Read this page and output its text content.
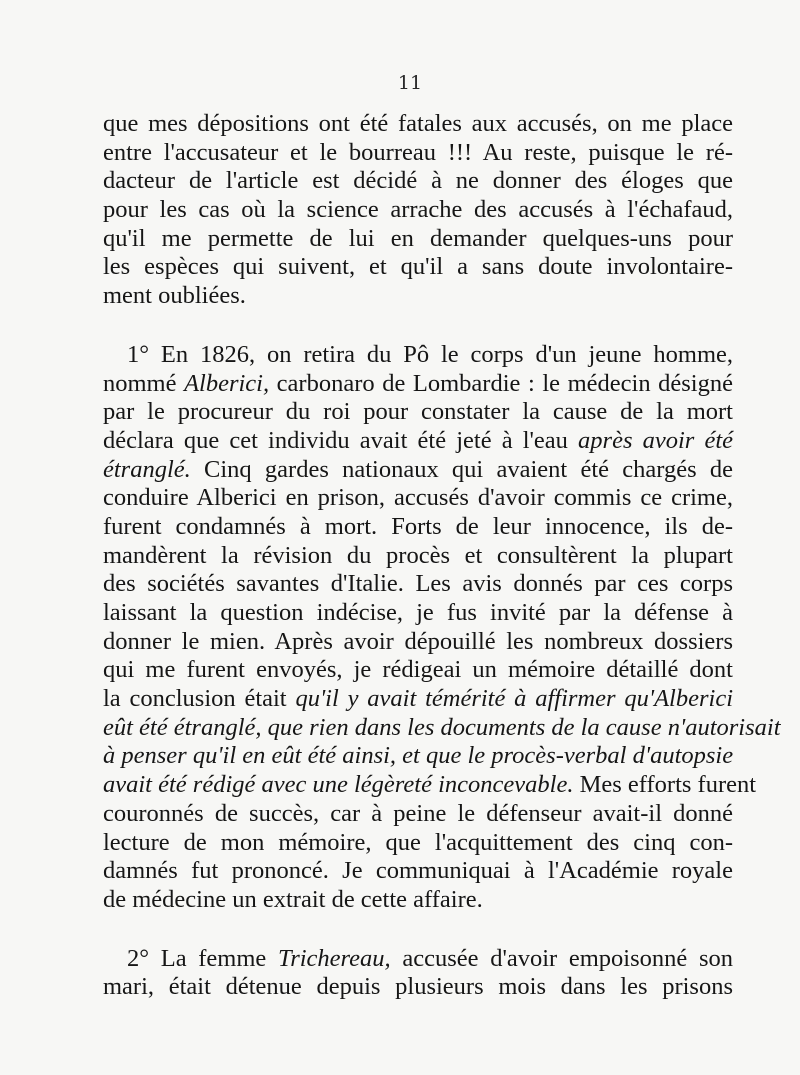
11
que mes dépositions ont été fatales aux accusés, on me place
entre l'accusateur et le bourreau !!! Au reste, puisque le ré-
dacteur de l'article est décidé à ne donner des éloges que
pour les cas où la science arrache des accusés à l'échafaud,
qu'il me permette de lui en demander quelques-uns pour
les espèces qui suivent, et qu'il a sans doute involontaire-
ment oubliées.
1° En 1826, on retira du Pô le corps d'un jeune homme,
nommé Alberici, carbonaro de Lombardie : le médecin désigné
par le procureur du roi pour constater la cause de la mort
déclara que cet individu avait été jeté à l'eau après avoir été
étranglé. Cinq gardes nationaux qui avaient été chargés de
conduire Alberici en prison, accusés d'avoir commis ce crime,
furent condamnés à mort. Forts de leur innocence, ils de-
mandèrent la révision du procès et consultèrent la plupart
des sociétés savantes d'Italie. Les avis donnés par ces corps
laissant la question indécise, je fus invité par la défense à
donner le mien. Après avoir dépouillé les nombreux dossiers
qui me furent envoyés, je rédigeai un mémoire détaillé dont
la conclusion était qu'il y avait témérité à affirmer qu'Alberici
eût été étranglé, que rien dans les documents de la cause n'autorisait
à penser qu'il en eût été ainsi, et que le procès-verbal d'autopsie
avait été rédigé avec une légèreté inconcevable. Mes efforts furent
couronnés de succès, car à peine le défenseur avait-il donné
lecture de mon mémoire, que l'acquittement des cinq con-
damnés fut prononcé. Je communiquai à l'Académie royale
de médecine un extrait de cette affaire.
2° La femme Trichereau, accusée d'avoir empoisonné son
mari, était détenue depuis plusieurs mois dans les prisons
